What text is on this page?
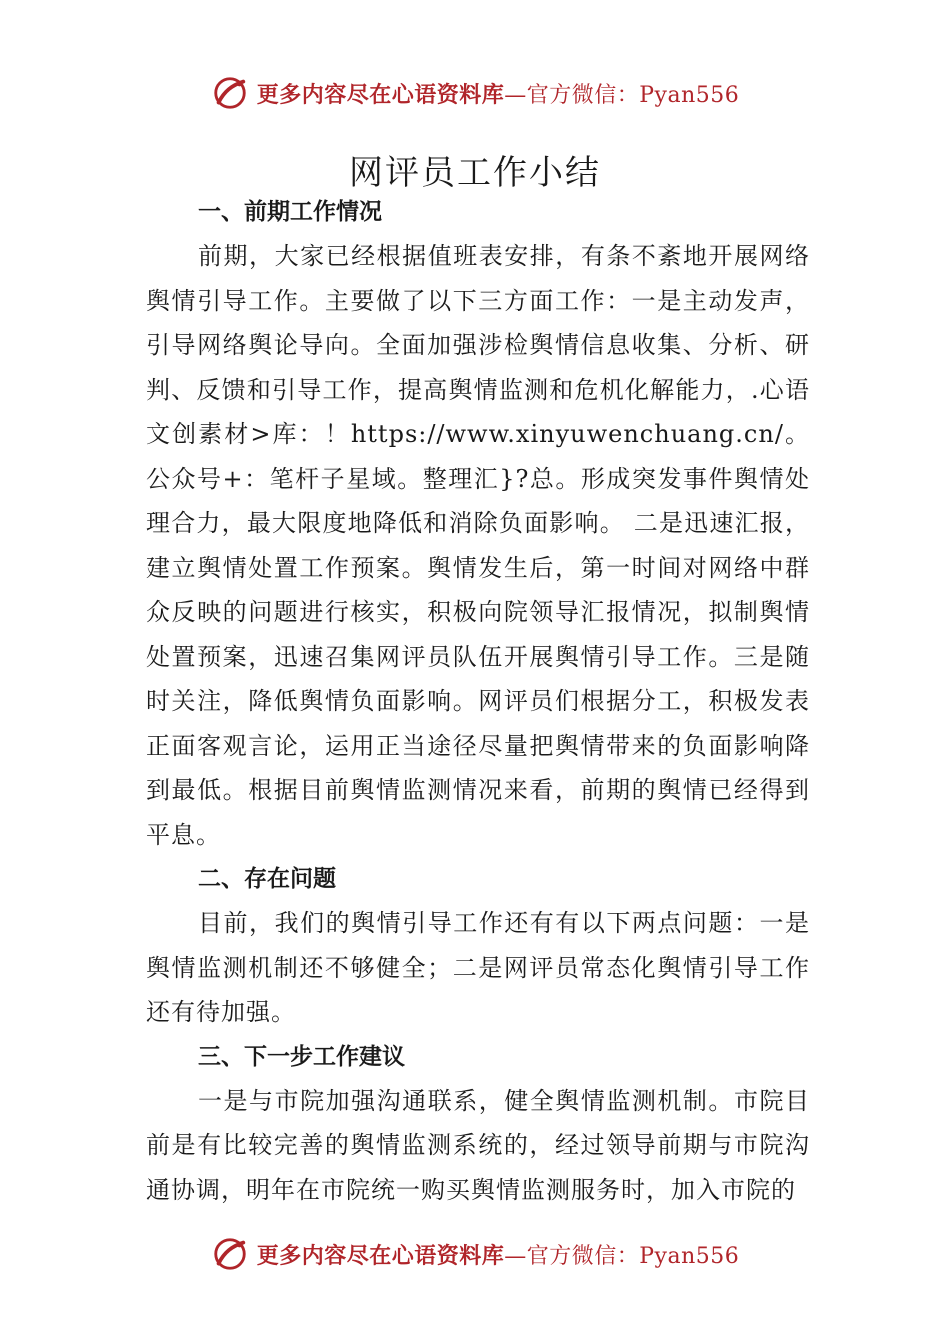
更多内容尽在心语资料库—官方微信：Pyan556
网评员工作小结
一、前期工作情况

前期，大家已经根据值班表安排，有条不紊地开展网络舆情引导工作。主要做了以下三方面工作：一是主动发声，引导网络舆论导向。全面加强涉检舆情信息收集、分析、研判、反馈和引导工作，提高舆情监测和危机化解能力，.心语文创素材>库：！https://www.xinyuwenchuang.cn/。公众号+：笔杆子星域。整理汇}?总。形成突发事件舆情处理合力，最大限度地降低和消除负面影响。 二是迅速汇报，建立舆情处置工作预案。舆情发生后，第一时间对网络中群众反映的问题进行核实，积极向院领导汇报情况，拟制舆情处置预案，迅速召集网评员队伍开展舆情引导工作。三是随时关注，降低舆情负面影响。网评员们根据分工，积极发表正面客观言论，运用正当途径尽量把舆情带来的负面影响降到最低。根据目前舆情监测情况来看，前期的舆情已经得到平息。

二、存在问题

目前，我们的舆情引导工作还有有以下两点问题：一是舆情监测机制还不够健全；二是网评员常态化舆情引导工作还有待加强。

三、下一步工作建议

一是与市院加强沟通联系，健全舆情监测机制。市院目前是有比较完善的舆情监测系统的，经过领导前期与市院沟通协调，明年在市院统一购买舆情监测服务时，加入市院的

更多内容尽在心语资料库—官方微信：Pyan556
